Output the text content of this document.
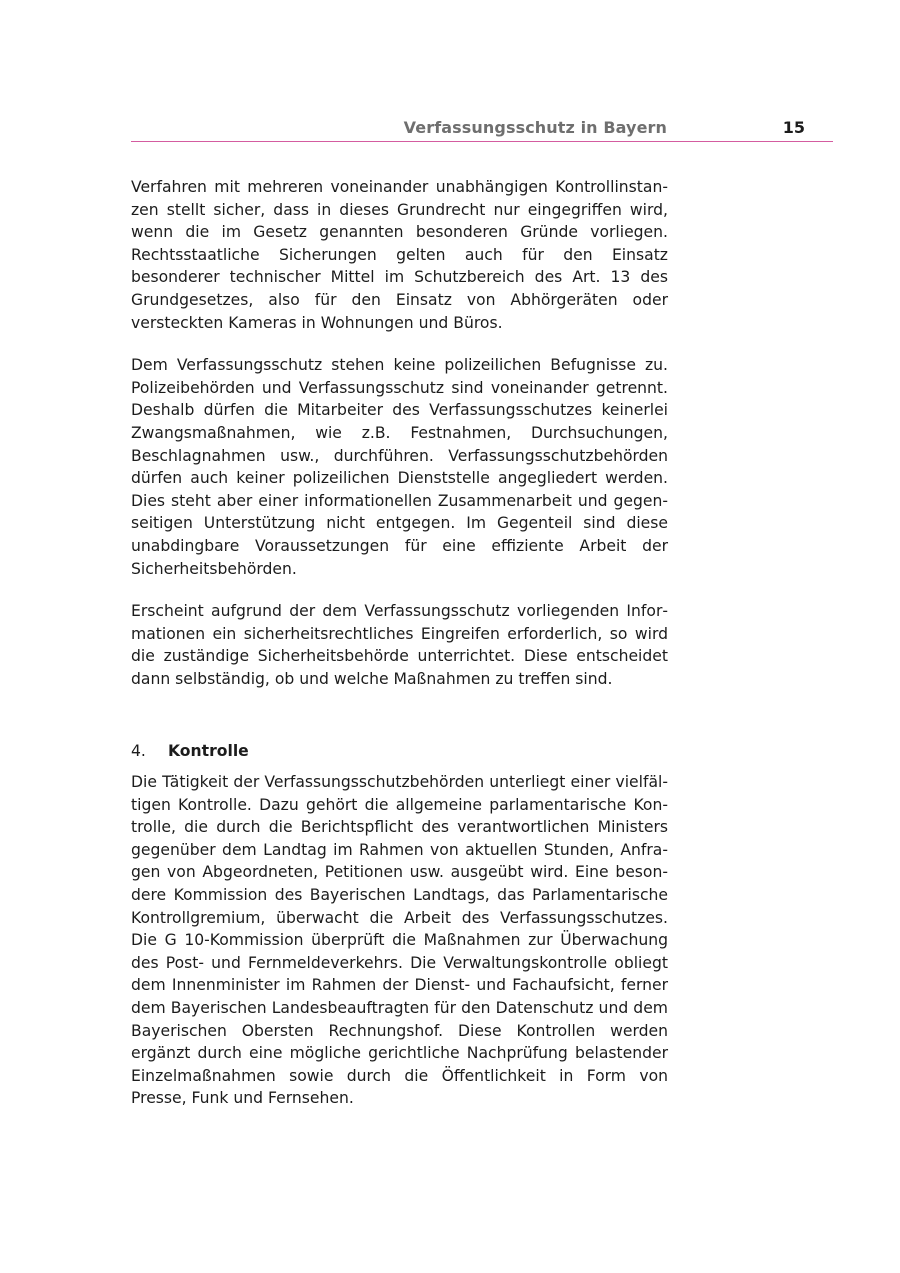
Verfassungsschutz in Bayern	15

Verfahren mit mehreren voneinander unabhängigen Kontrollinstanzen stellt sicher, dass in dieses Grundrecht nur eingegriffen wird, wenn die im Gesetz genannten besonderen Gründe vorliegen. Rechtsstaatliche Sicherungen gelten auch für den Einsatz besonderer technischer Mittel im Schutzbereich des Art. 13 des Grundgesetzes, also für den Einsatz von Abhörgeräten oder versteckten Kameras in Wohnungen und Büros.

Dem Verfassungsschutz stehen keine polizeilichen Befugnisse zu. Polizeibehörden und Verfassungsschutz sind voneinander getrennt. Deshalb dürfen die Mitarbeiter des Verfassungsschutzes keinerlei Zwangsmaßnahmen, wie z.B. Festnahmen, Durchsuchungen, Beschlagnahmen usw., durchführen. Verfassungsschutzbehörden dürfen auch keiner polizeilichen Dienststelle angegliedert werden. Dies steht aber einer informationellen Zusammenarbeit und gegenseitigen Unterstützung nicht entgegen. Im Gegenteil sind diese unabdingbare Voraussetzungen für eine effiziente Arbeit der Sicherheitsbehörden.

Erscheint aufgrund der dem Verfassungsschutz vorliegenden Informationen ein sicherheitsrechtliches Eingreifen erforderlich, so wird die zuständige Sicherheitsbehörde unterrichtet. Diese entscheidet dann selbständig, ob und welche Maßnahmen zu treffen sind.

4. Kontrolle

Die Tätigkeit der Verfassungsschutzbehörden unterliegt einer vielfältigen Kontrolle. Dazu gehört die allgemeine parlamentarische Kontrolle, die durch die Berichtspflicht des verantwortlichen Ministers gegenüber dem Landtag im Rahmen von aktuellen Stunden, Anfragen von Abgeordneten, Petitionen usw. ausgeübt wird. Eine besondere Kommission des Bayerischen Landtags, das Parlamentarische Kontrollgremium, überwacht die Arbeit des Verfassungsschutzes. Die G 10-Kommission überprüft die Maßnahmen zur Überwachung des Post- und Fernmeldeverkehrs. Die Verwaltungskontrolle obliegt dem Innenminister im Rahmen der Dienst- und Fachaufsicht, ferner dem Bayerischen Landesbeauftragten für den Datenschutz und dem Bayerischen Obersten Rechnungshof. Diese Kontrollen werden ergänzt durch eine mögliche gerichtliche Nachprüfung belastender Einzelmaßnahmen sowie durch die Öffentlichkeit in Form von Presse, Funk und Fernsehen.
